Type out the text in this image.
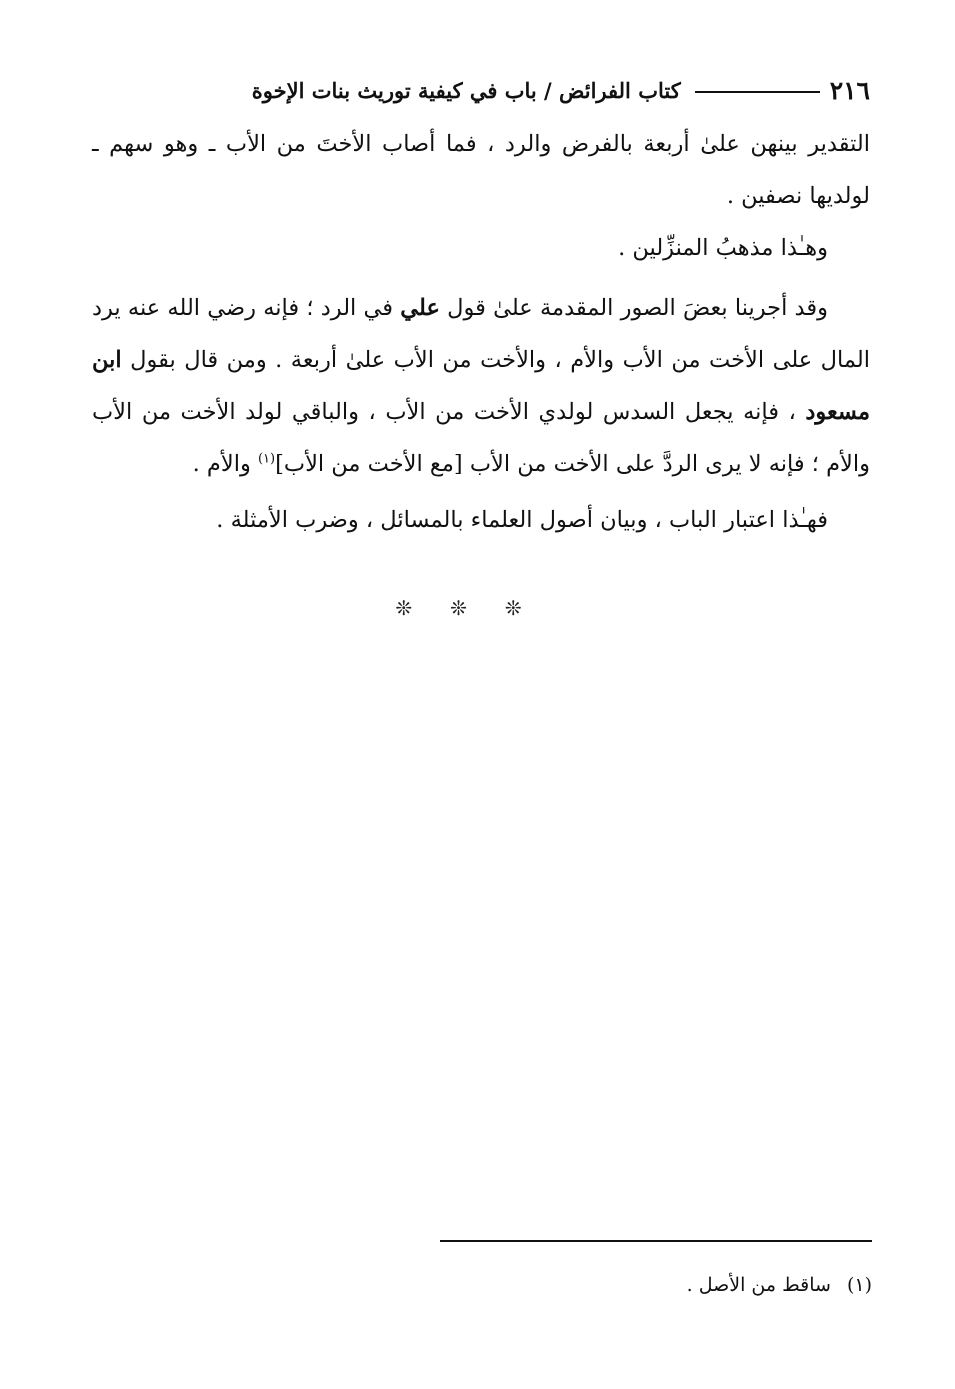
٢١٦
كتاب الفرائض / باب في كيفية توريث بنات الإخوة

التقدير بينهن علىٰ أربعة بالفرض والرد ، فما أصاب الأختَ من الأب ـ وهو سهم ـ لولديها نصفين .

وهـٰذا مذهبُ المنزِّلين .

وقد أجرينا بعضَ الصور المقدمة علىٰ قول علي في الرد ؛ فإنه رضي الله عنه يرد المال على الأخت من الأب والأم ، والأخت من الأب علىٰ أربعة . ومن قال بقول ابن مسعود ، فإنه يجعل السدس لولدي الأخت من الأب ، والباقي لولد الأخت من الأب والأم ؛ فإنه لا يرى الردَّ على الأخت من الأب [مع الأخت من الأب]$^{(١)}$ والأم .

فهـٰذا اعتبار الباب ، وبيان أصول العلماء بالمسائل ، وضرب الأمثلة .

❊❊❊
(١)
ساقط من الأصل .
